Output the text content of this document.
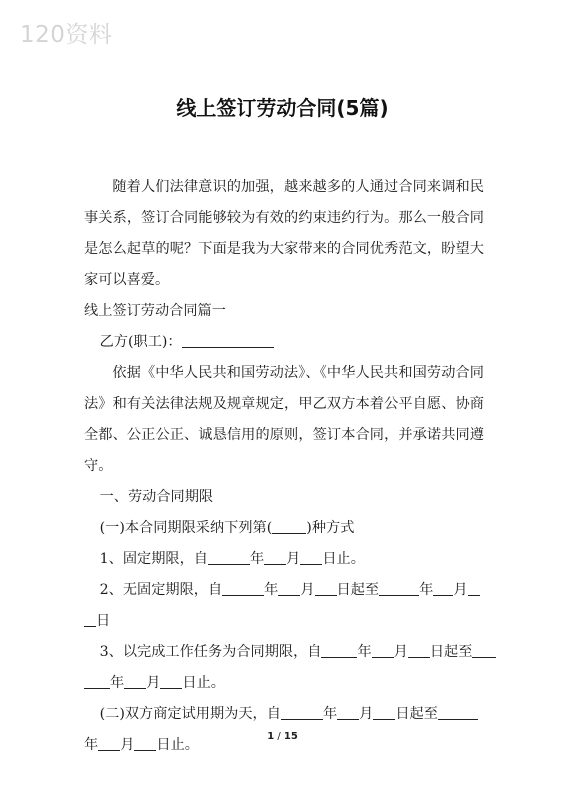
120资料
线上签订劳动合同(5篇)

随着人们法律意识的加强，越来越多的人通过合同来调和民事关系，签订合同能够较为有效的约束违约行为。那么一般合同是怎么起草的呢？下面是我为大家带来的合同优秀范文，盼望大家可以喜爱。

线上签订劳动合同篇一

乙方(职工)：

依据《中华人民共和国劳动法》、《中华人民共和国劳动合同法》和有关法律法规及规章规定，甲乙双方本着公平自愿、协商全都、公正公正、诚恳信用的原则，签订本合同，并承诺共同遵守。

一、劳动合同期限

(一)本合同期限采纳下列第( )种方式

1、固定期限，自	年 月 日止。

2、无固定期限，自	年 月 日起至	年 月

日

3、以完成工作任务为合同期限，自	年 月 日起至

年 月 日止。

(二)双方商定试用期为天，自	年 月 日起至

年 月 日止。

1 / 15
